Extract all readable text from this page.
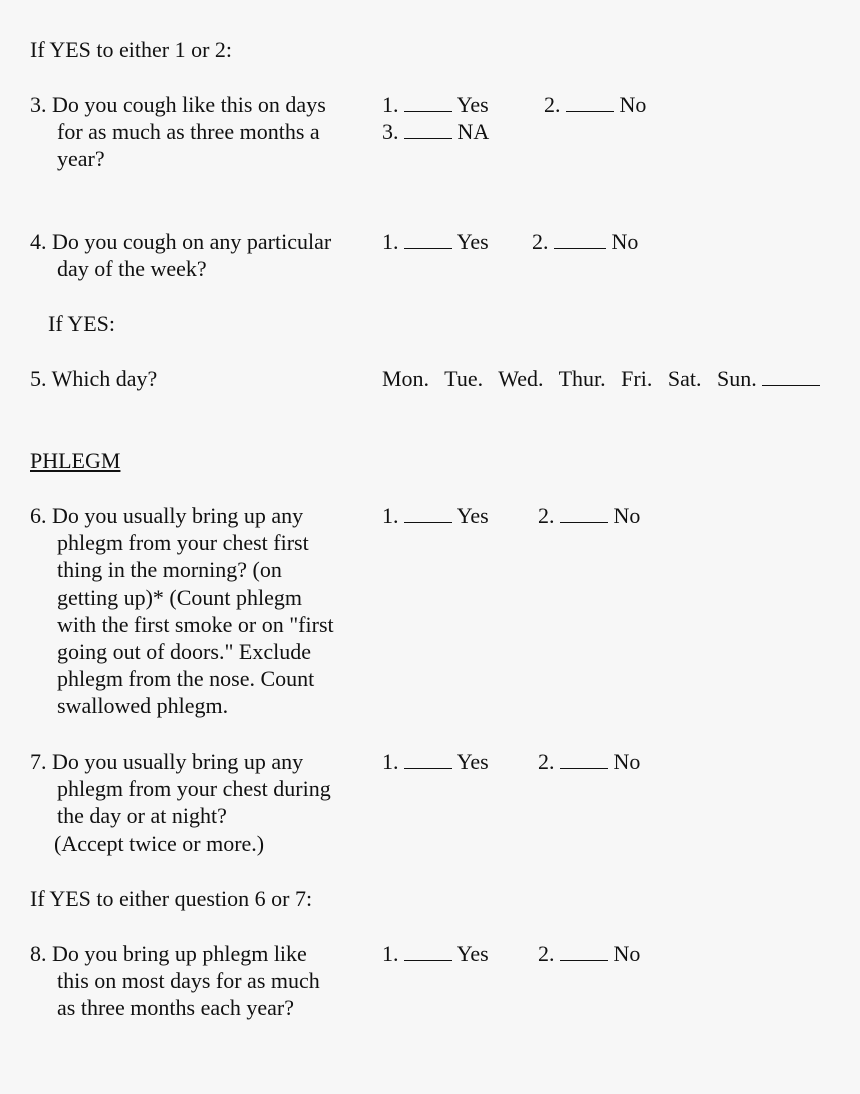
If YES to either 1 or 2:
3. Do you cough like this on days
for as much as three months a
year?
1.	Yes	2.	No
3.	NA
4. Do you cough on any particular
day of the week?
1.	Yes 2.	No
If YES:
5. Which day?	Mon. Tue. Wed. Thur. Fri. Sat. Sun.
PHLEGM
6. Do you usually bring up any
phlegm from your chest first
thing in the morning? (on
getting up)* (Count phlegm
with the first smoke or on "first
going out of doors." Exclude
phlegm from the nose. Count
swallowed phlegm.
1.	Yes 2.	No
7. Do you usually bring up any
phlegm from your chest during
the day or at night?
(Accept twice or more.)
1.	Yes 2.	No
If YES to either question 6 or 7:
8. Do you bring up phlegm like
this on most days for as much
as three months each year?
1.	Yes 2.	No
